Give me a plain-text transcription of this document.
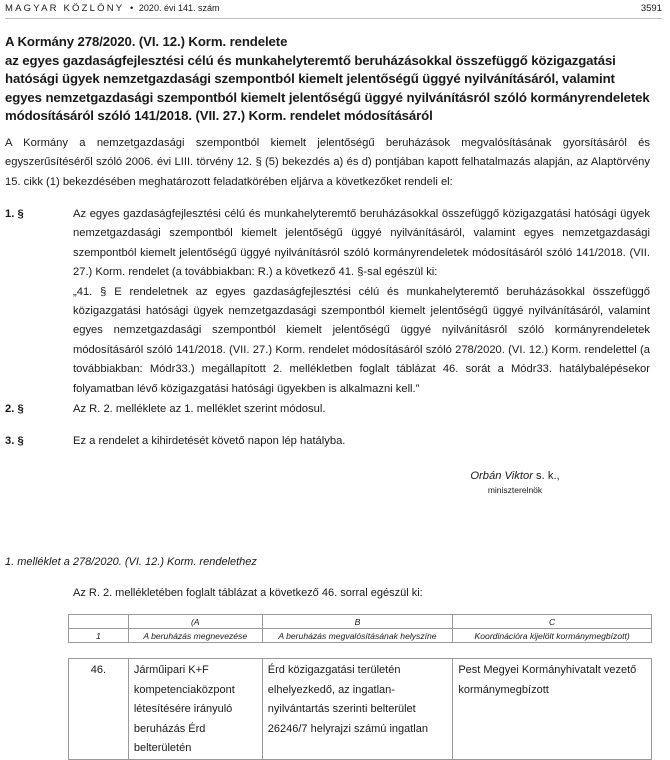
MAGYAR KÖZLÖNY • 2020. évi 141. szám	3591
A Kormány 278/2020. (VI. 12.) Korm. rendelete
az egyes gazdaságfejlesztési célú és munkahelyteremtő beruházásokkal összefüggő közigazgatási
hatósági ügyek nemzetgazdasági szempontból kiemelt jelentőségű üggyé nyilvánításáról, valamint
egyes nemzetgazdasági szempontból kiemelt jelentőségű üggyé nyilvánításról szóló kormányrendeletek
módosításáról szóló 141/2018. (VII. 27.) Korm. rendelet módosításáról
A Kormány a nemzetgazdasági szempontból kiemelt jelentőségű beruházások megvalósításának gyorsításáról és egyszerűsítéséről szóló 2006. évi LIII. törvény 12. § (5) bekezdés a) és d) pontjában kapott felhatalmazás alapján, az Alaptörvény 15. cikk (1) bekezdésében meghatározott feladatkörében eljárva a következőket rendeli el:
1. §	Az egyes gazdaságfejlesztési célú és munkahelyteremtő beruházásokkal összefüggő közigazgatási hatósági ügyek nemzetgazdasági szempontból kiemelt jelentőségű üggyé nyilvánításáról, valamint egyes nemzetgazdasági szempontból kiemelt jelentőségű üggyé nyilvánításról szóló kormányrendeletek módosításáról szóló 141/2018. (VII. 27.) Korm. rendelet (a továbbiakban: R.) a következő 41. §-sal egészül ki:
„41. § E rendeletnek az egyes gazdaságfejlesztési célú és munkahelyteremtő beruházásokkal összefüggő közigazgatási hatósági ügyek nemzetgazdasági szempontból kiemelt jelentőségű üggyé nyilvánításáról, valamint egyes nemzetgazdasági szempontból kiemelt jelentőségű üggyé nyilvánításról szóló kormányrendeletek módosításáról szóló 141/2018. (VII. 27.) Korm. rendelet módosításáról szóló 278/2020. (VI. 12.) Korm. rendelettel (a továbbiakban: Módr33.) megállapított 2. mellékletben foglalt táblázat 46. sorát a Módr33. hatálybalépésekor folyamatban lévő közigazgatási hatósági ügyekben is alkalmazni kell.”
2. §	Az R. 2. melléklete az 1. melléklet szerint módosul.
3. §	Ez a rendelet a kihirdetését követő napon lép hatályba.
Orbán Viktor s. k.,
miniszterelnök
1. melléklet a 278/2020. (VI. 12.) Korm. rendelethez
Az R. 2. mellékletében foglalt táblázat a következő 46. sorral egészül ki:
	(A	B	C
1	A beruházás megnevezése	A beruházás megvalósításának helyszíne	Koordinációra kijelölt kormánymegbízott)
46.	Járműipari K+F kompetenciaközpont létesítésére irányuló beruházás Érd belterületén	Érd közigazgatási területén elhelyezkedő, az ingatlan-nyilvántartás szerinti belterület 26246/7 helyrajzi számú ingatlan	Pest Megyei Kormányhivatalt vezető kormánymegbízott
